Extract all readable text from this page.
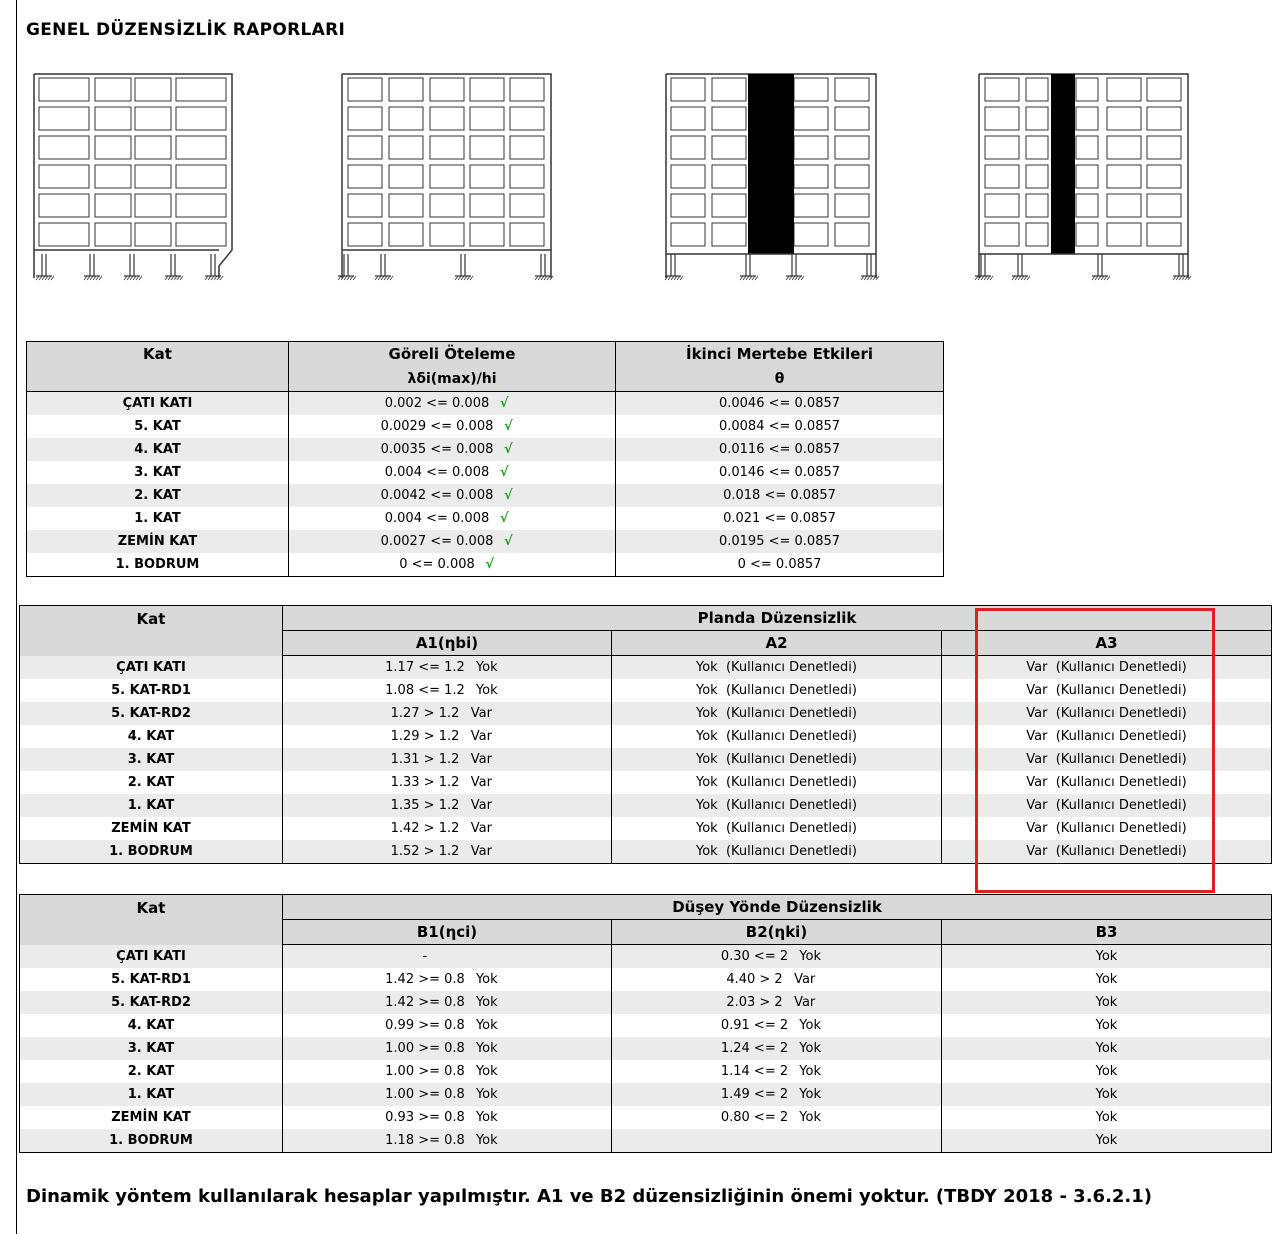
GENEL DÜZENSİZLİK RAPORLARI
Kat	Göreli Öteleme	İkinci Mertebe Etkileri
	λδi(max)/hi	θ
ÇATI KATI	0.002 <= 0.008 √	0.0046 <= 0.0857
5. KAT	0.0029 <= 0.008 √	0.0084 <= 0.0857
4. KAT	0.0035 <= 0.008 √	0.0116 <= 0.0857
3. KAT	0.004 <= 0.008 √	0.0146 <= 0.0857
2. KAT	0.0042 <= 0.008 √	0.018 <= 0.0857
1. KAT	0.004 <= 0.008 √	0.021 <= 0.0857
ZEMİN KAT	0.0027 <= 0.008 √	0.0195 <= 0.0857
1. BODRUM	0 <= 0.008 √	0 <= 0.0857
Kat	Planda Düzensizlik		
	A1(ηbi)	A2	A3
ÇATI KATI	1.17 <= 1.2 Yok	Yok (Kullanıcı Denetledi)	Var (Kullanıcı Denetledi)
5. KAT-RD1	1.08 <= 1.2 Yok	Yok (Kullanıcı Denetledi)	Var (Kullanıcı Denetledi)
5. KAT-RD2	1.27 > 1.2 Var	Yok (Kullanıcı Denetledi)	Var (Kullanıcı Denetledi)
4. KAT	1.29 > 1.2 Var	Yok (Kullanıcı Denetledi)	Var (Kullanıcı Denetledi)
3. KAT	1.31 > 1.2 Var	Yok (Kullanıcı Denetledi)	Var (Kullanıcı Denetledi)
2. KAT	1.33 > 1.2 Var	Yok (Kullanıcı Denetledi)	Var (Kullanıcı Denetledi)
1. KAT	1.35 > 1.2 Var	Yok (Kullanıcı Denetledi)	Var (Kullanıcı Denetledi)
ZEMİN KAT	1.42 > 1.2 Var	Yok (Kullanıcı Denetledi)	Var (Kullanıcı Denetledi)
1. BODRUM	1.52 > 1.2 Var	Yok (Kullanıcı Denetledi)	Var (Kullanıcı Denetledi)
Kat	Düşey Yönde Düzensizlik		
	B1(ηci)	B2(ηki)	B3
ÇATI KATI	-	0.30 <= 2 Yok	Yok
5. KAT-RD1	1.42 >= 0.8 Yok	4.40 > 2 Var	Yok
5. KAT-RD2	1.42 >= 0.8 Yok	2.03 > 2 Var	Yok
4. KAT	0.99 >= 0.8 Yok	0.91 <= 2 Yok	Yok
3. KAT	1.00 >= 0.8 Yok	1.24 <= 2 Yok	Yok
2. KAT	1.00 >= 0.8 Yok	1.14 <= 2 Yok	Yok
1. KAT	1.00 >= 0.8 Yok	1.49 <= 2 Yok	Yok
ZEMİN KAT	0.93 >= 0.8 Yok	0.80 <= 2 Yok	Yok
1. BODRUM	1.18 >= 0.8 Yok		Yok
Dinamik yöntem kullanılarak hesaplar yapılmıştır. A1 ve B2 düzensizliğinin önemi yoktur. (TBDY 2018 - 3.6.2.1)
